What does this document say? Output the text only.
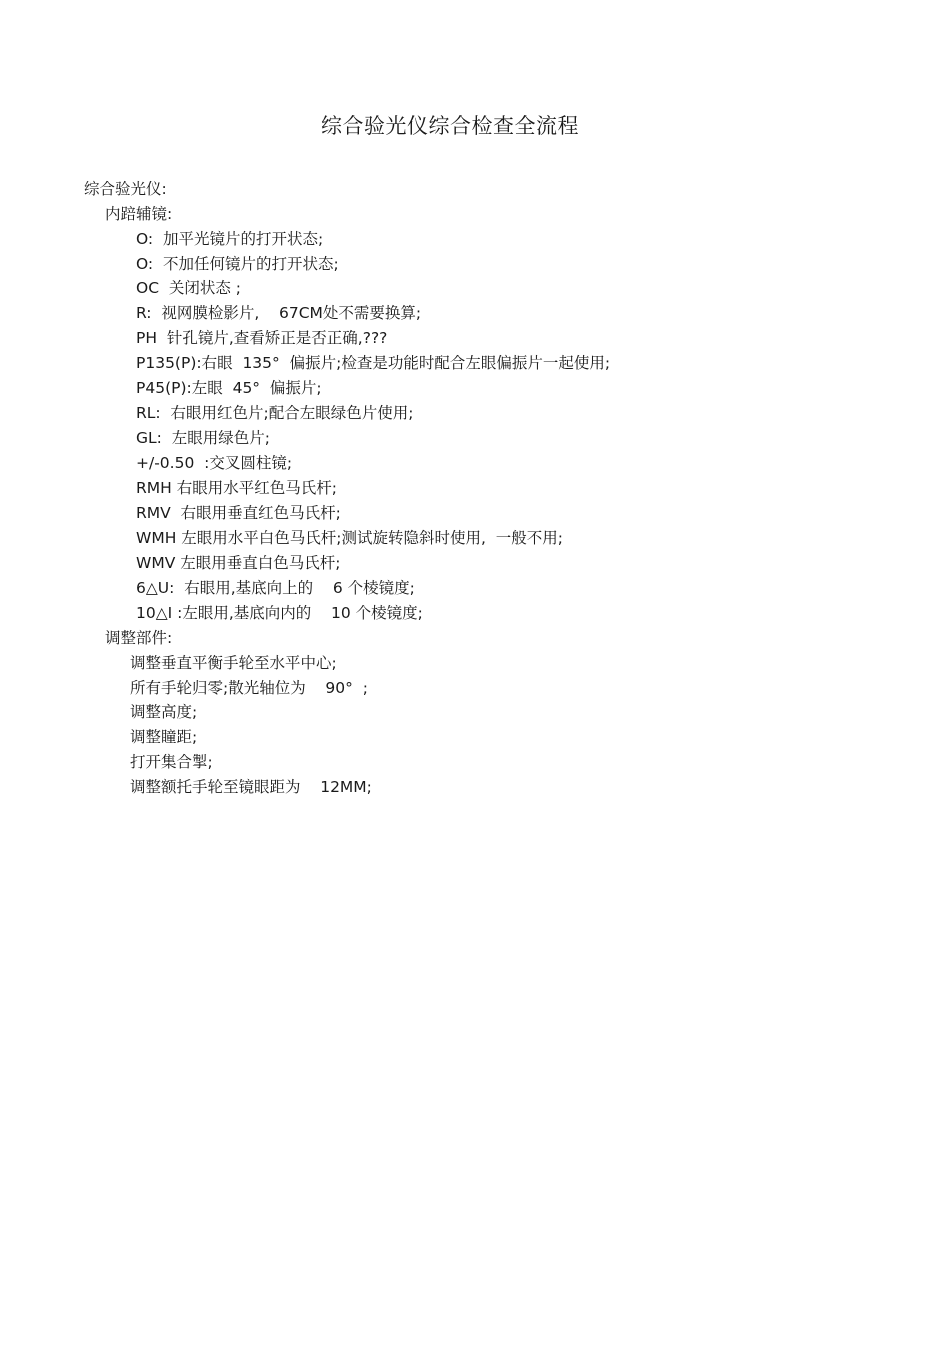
综合验光仪综合检查全流程
综合验光仪:
内踣辅镜:
O:  加平光镜片的打开状态;
O:  不加任何镜片的打开状态;
OC  关闭状态 ;
R:  视网膜检影片,    67CM处不需要换算;
PH  针孔镜片,查看矫正是否正确,???
P135(P):右眼  135°  偏振片;检查是功能时配合左眼偏振片一起使用;
P45(P):左眼  45°  偏振片;
RL:  右眼用红色片;配合左眼绿色片使用;
GL:  左眼用绿色片;
+/-0.50  :交叉圆柱镜;
RMH 右眼用水平红色马氏杆;
RMV  右眼用垂直红色马氏杆;
WMH 左眼用水平白色马氏杆;测试旋转隐斜时使用,  一般不用;
WMV 左眼用垂直白色马氏杆;
6△U:  右眼用,基底向上的    6 个棱镜度;
10△I :左眼用,基底向内的    10 个棱镜度;
调整部件:
调整垂直平衡手轮至水平中心;
所有手轮归零;散光轴位为    90°  ;
调整高度;
调整瞳距;
打开集合掣;
调整额托手轮至镜眼距为    12MM;
